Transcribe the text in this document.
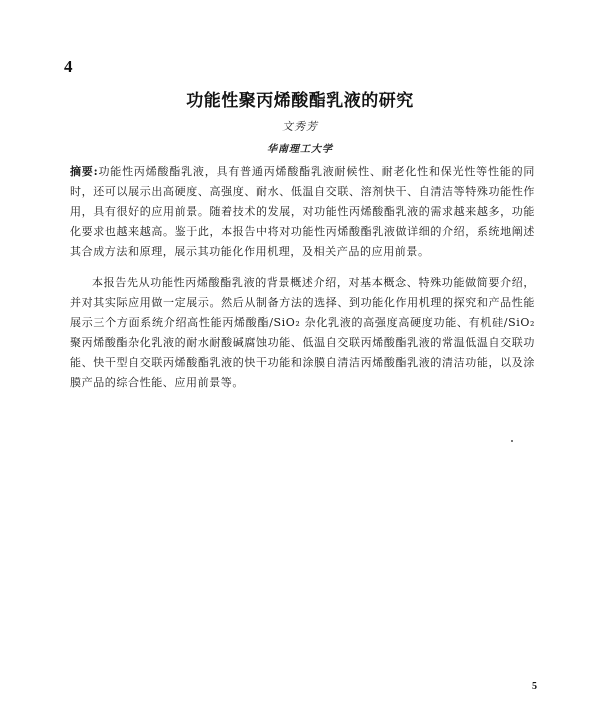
4
功能性聚丙烯酸酯乳液的研究
文秀芳
华南理工大学

摘要:功能性丙烯酸酯乳液，具有普通丙烯酸酯乳液耐候性、耐老化性和保光性等性能的同时，还可以展示出高硬度、高强度、耐水、低温自交联、溶剂快干、自清洁等特殊功能性作用，具有很好的应用前景。随着技术的发展，对功能性丙烯酸酯乳液的需求越来越多，功能化要求也越来越高。鉴于此，本报告中将对功能性丙烯酸酯乳液做详细的介绍，系统地阐述其合成方法和原理，展示其功能化作用机理，及相关产品的应用前景。

本报告先从功能性丙烯酸酯乳液的背景概述介绍，对基本概念、特殊功能做简要介绍，并对其实际应用做一定展示。然后从制备方法的选择、到功能化作用机理的探究和产品性能展示三个方面系统介绍高性能丙烯酸酯/SiO₂ 杂化乳液的高强度高硬度功能、有机硅/SiO₂ 聚丙烯酸酯杂化乳液的耐水耐酸碱腐蚀功能、低温自交联丙烯酸酯乳液的常温低温自交联功能、快干型自交联丙烯酸酯乳液的快干功能和涂膜自清洁丙烯酸酯乳液的清洁功能，以及涂膜产品的综合性能、应用前景等。

5
